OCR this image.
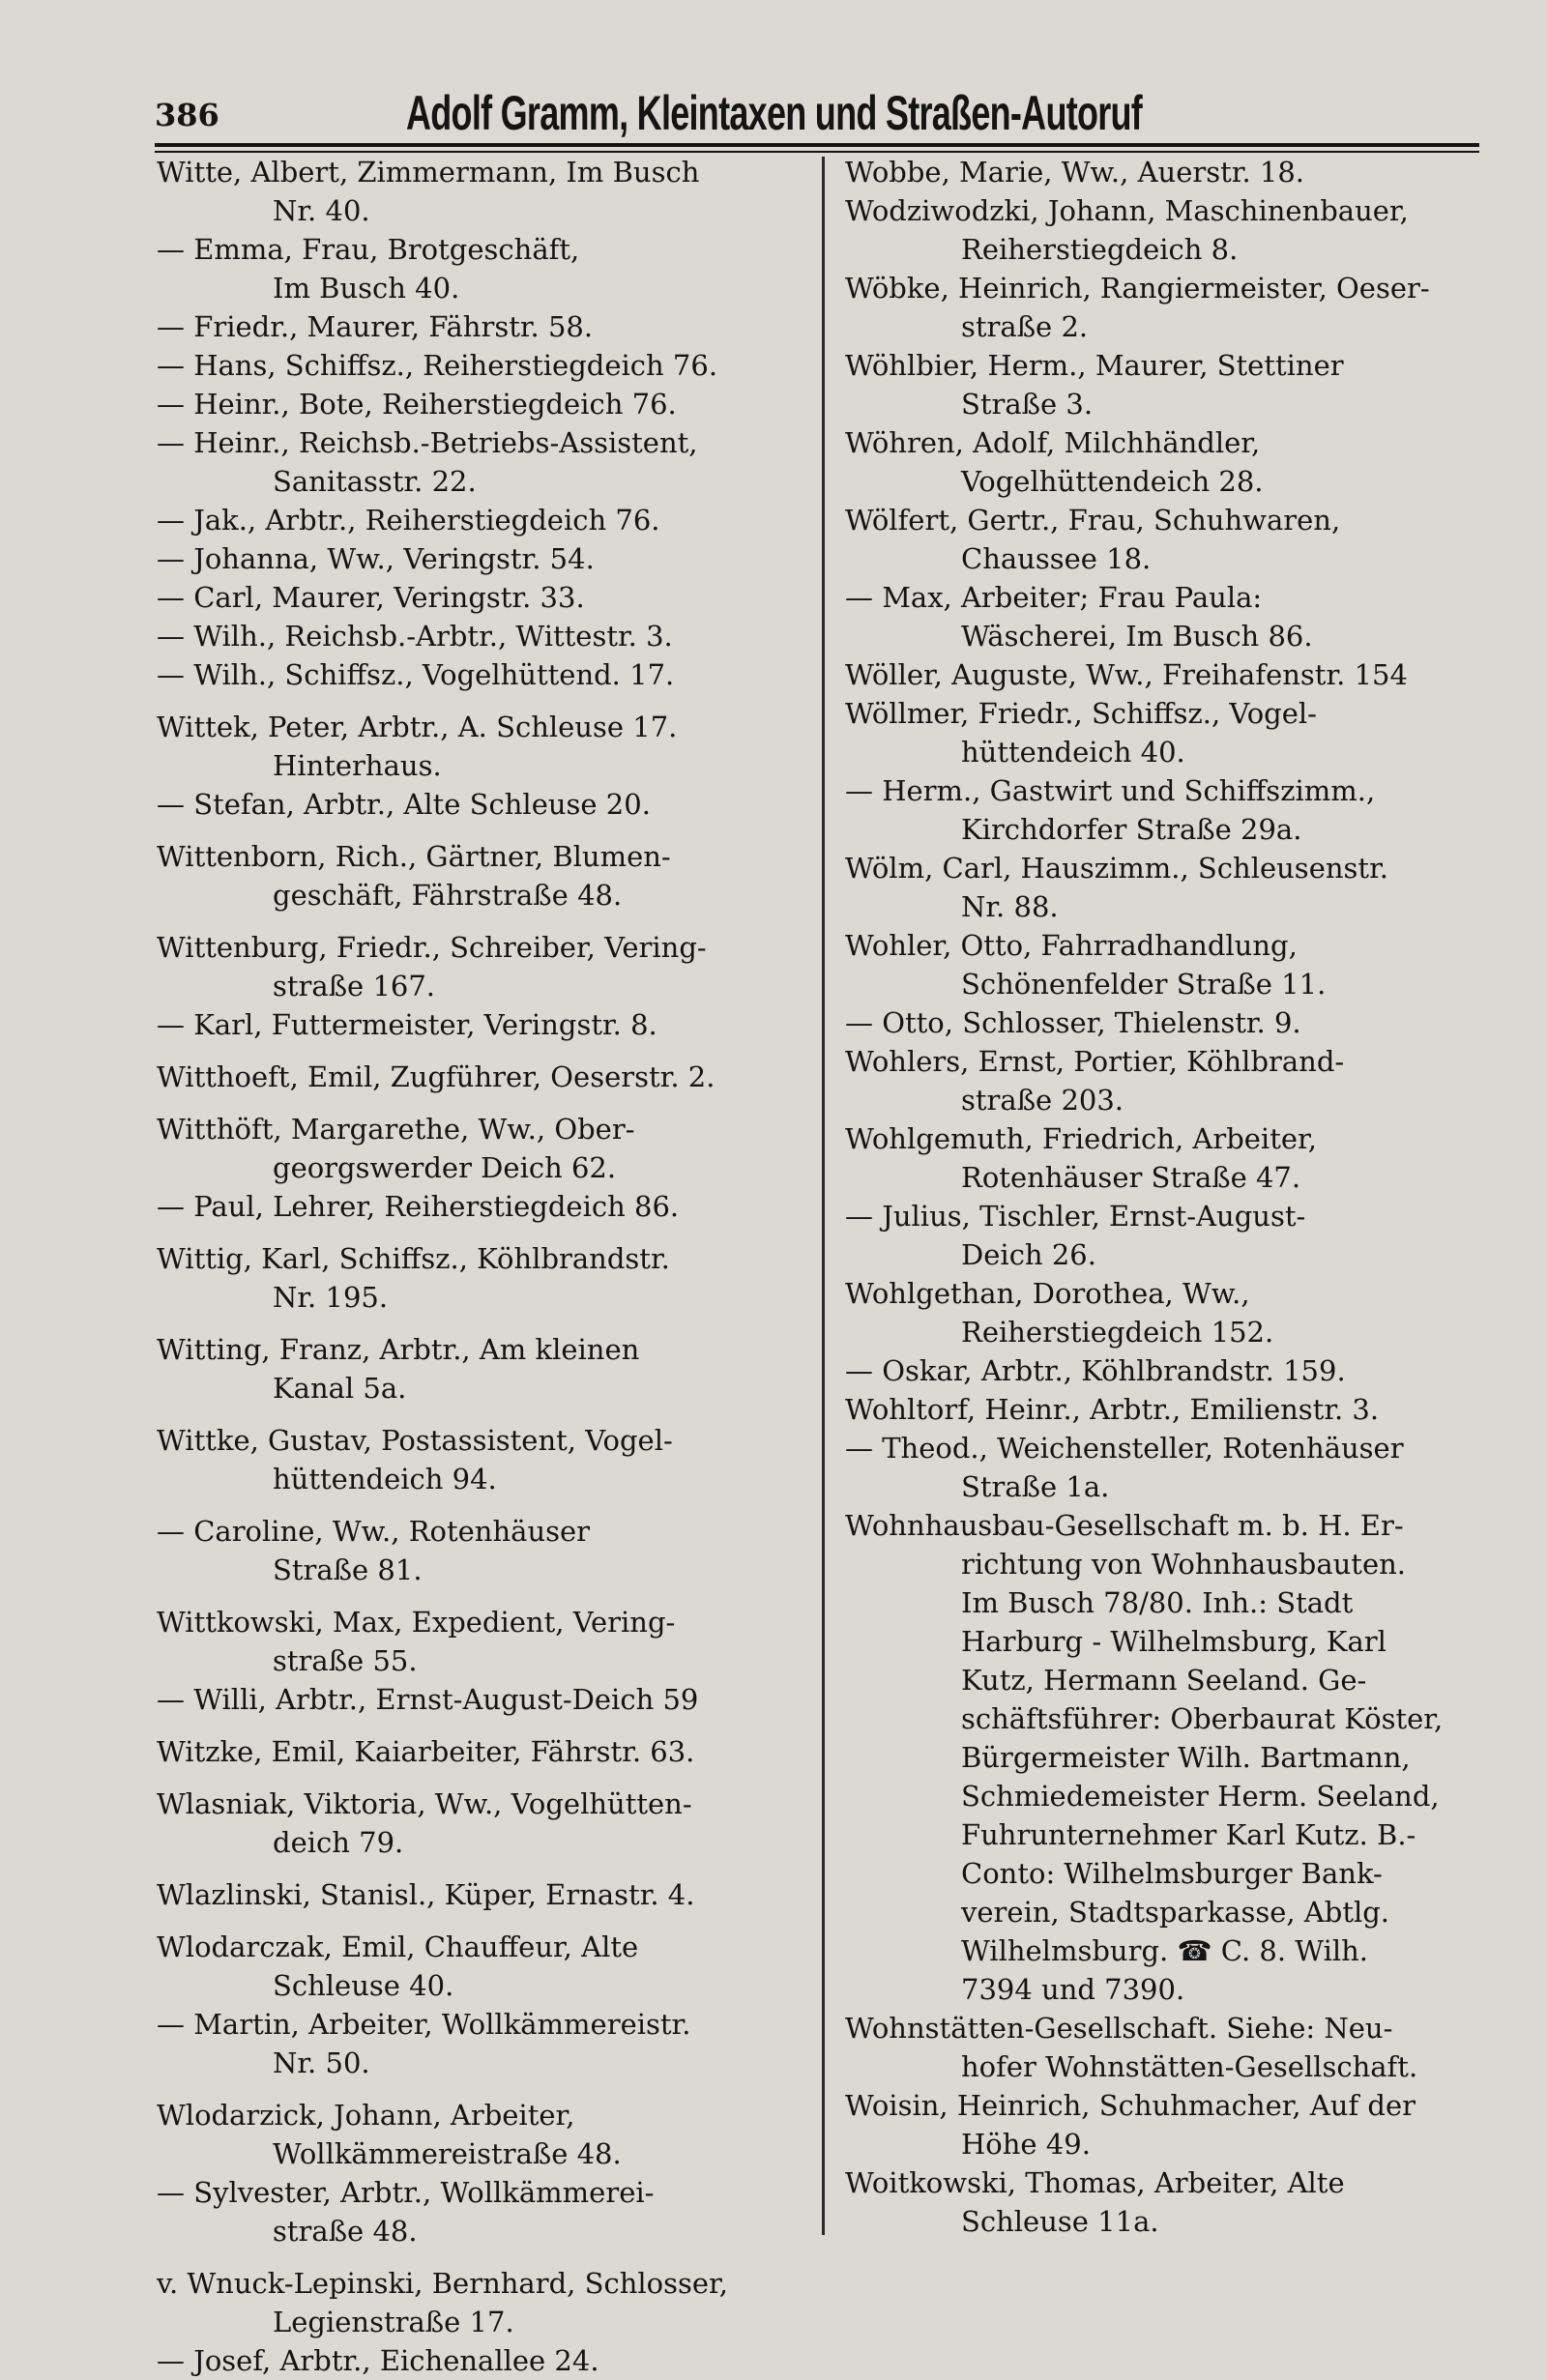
386	Adolf Gramm, Kleintaxen und Straßen-Autoruf
Witte, Albert, Zimmermann, Im Busch
Nr. 40.
— Emma, Frau, Brotgeschäft,
Im Busch 40.
— Friedr., Maurer, Fährstr. 58.
— Hans, Schiffsz., Reiherstiegdeich 76.
— Heinr., Bote, Reiherstiegdeich 76.
— Heinr., Reichsb.-Betriebs-Assistent,
Sanitasstr. 22.
— Jak., Arbtr., Reiherstiegdeich 76.
— Johanna, Ww., Veringstr. 54.
— Carl, Maurer, Veringstr. 33.
— Wilh., Reichsb.-Arbtr., Wittestr. 3.
— Wilh., Schiffsz., Vogelhüttend. 17.
Wittek, Peter, Arbtr., A. Schleuse 17.
Hinterhaus.
— Stefan, Arbtr., Alte Schleuse 20.
Wittenborn, Rich., Gärtner, Blumen-
geschäft, Fährstraße 48.
Wittenburg, Friedr., Schreiber, Vering-
straße 167.
— Karl, Futtermeister, Veringstr. 8.
Witthoeft, Emil, Zugführer, Oeserstr. 2.
Witthöft, Margarethe, Ww., Ober-
georgswerder Deich 62.
— Paul, Lehrer, Reiherstiegdeich 86.
Wittig, Karl, Schiffsz., Köhlbrandstr.
Nr. 195.
Witting, Franz, Arbtr., Am kleinen
Kanal 5a.
Wittke, Gustav, Postassistent, Vogel-
hüttendeich 94.
— Caroline, Ww., Rotenhäuser
Straße 81.
Wittkowski, Max, Expedient, Vering-
straße 55.
— Willi, Arbtr., Ernst-August-Deich 59
Witzke, Emil, Kaiarbeiter, Fährstr. 63.
Wlasniak, Viktoria, Ww., Vogelhütten-
deich 79.
Wlazlinski, Stanisl., Küper, Ernastr. 4.
Wlodarczak, Emil, Chauffeur, Alte
Schleuse 40.
— Martin, Arbeiter, Wollkämmereistr.
Nr. 50.
Wlodarzick, Johann, Arbeiter,
Wollkämmereistraße 48.
— Sylvester, Arbtr., Wollkämmerei-
straße 48.
v. Wnuck-Lepinski, Bernhard, Schlosser,
Legienstraße 17.
— Josef, Arbtr., Eichenallee 24.
Wobbe, Marie, Ww., Auerstr. 18.
Wodziwodzki, Johann, Maschinenbauer,
Reiherstiegdeich 8.
Wöbke, Heinrich, Rangiermeister, Oeser-
straße 2.
Wöhlbier, Herm., Maurer, Stettiner
Straße 3.
Wöhren, Adolf, Milchhändler,
Vogelhüttendeich 28.
Wölfert, Gertr., Frau, Schuhwaren,
Chaussee 18.
— Max, Arbeiter; Frau Paula:
Wäscherei, Im Busch 86.
Wöller, Auguste, Ww., Freihafenstr. 154
Wöllmer, Friedr., Schiffsz., Vogel-
hüttendeich 40.
— Herm., Gastwirt und Schiffszimm.,
Kirchdorfer Straße 29a.
Wölm, Carl, Hauszimm., Schleusenstr.
Nr. 88.
Wohler, Otto, Fahrradhandlung,
Schönenfelder Straße 11.
— Otto, Schlosser, Thielenstr. 9.
Wohlers, Ernst, Portier, Köhlbrand-
straße 203.
Wohlgemuth, Friedrich, Arbeiter,
Rotenhäuser Straße 47.
— Julius, Tischler, Ernst-August-
Deich 26.
Wohlgethan, Dorothea, Ww.,
Reiherstiegdeich 152.
— Oskar, Arbtr., Köhlbrandstr. 159.
Wohltorf, Heinr., Arbtr., Emilienstr. 3.
— Theod., Weichensteller, Rotenhäuser
Straße 1a.
Wohnhausbau-Gesellschaft m. b. H. Er-
richtung von Wohnhausbauten.
Im Busch 78/80. Inh.: Stadt
Harburg - Wilhelmsburg, Karl
Kutz, Hermann Seeland. Ge-
schäftsführer: Oberbaurat Köster,
Bürgermeister Wilh. Bartmann,
Schmiedemeister Herm. Seeland,
Fuhrunternehmer Karl Kutz. B.-
Conto: Wilhelmsburger Bank-
verein, Stadtsparkasse, Abtlg.
Wilhelmsburg. ☎ C. 8. Wilh.
7394 und 7390.
Wohnstätten-Gesellschaft. Siehe: Neu-
hofer Wohnstätten-Gesellschaft.
Woisin, Heinrich, Schuhmacher, Auf der
Höhe 49.
Woitkowski, Thomas, Arbeiter, Alte
Schleuse 11a.
